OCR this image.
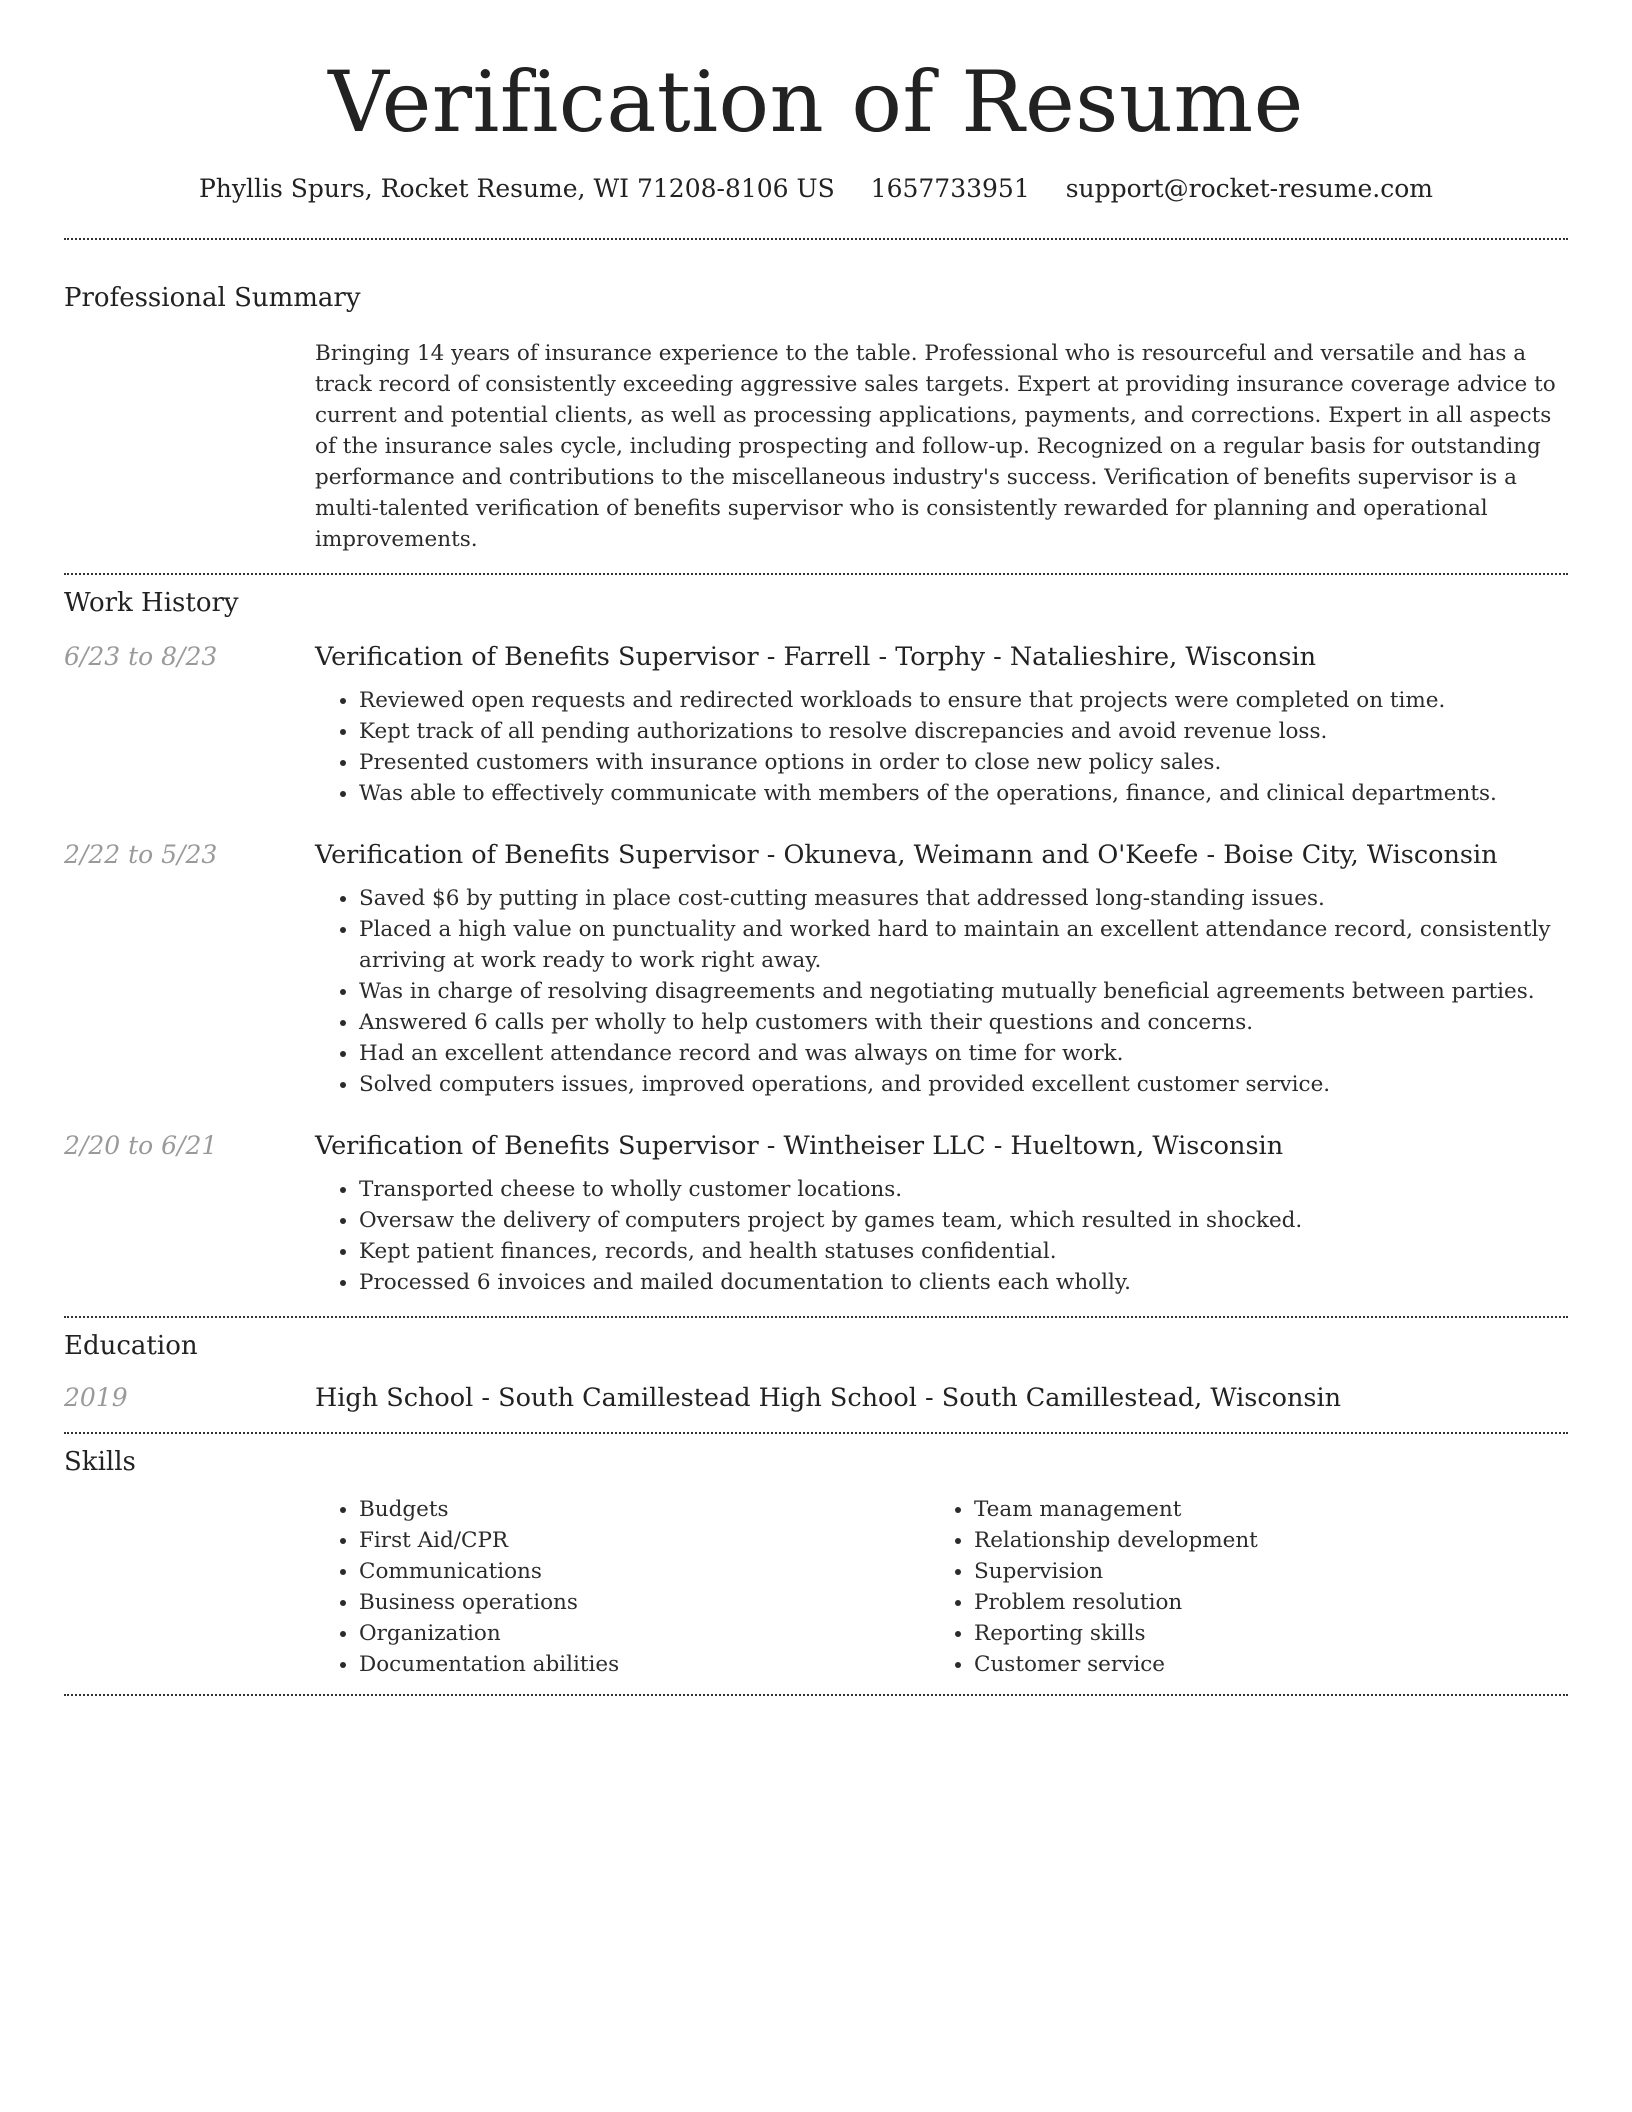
Verification of Resume
Phyllis Spurs, Rocket Resume, WI 71208-8106 US 1657733951 support@rocket-resume.com
Professional Summary

Bringing 14 years of insurance experience to the table. Professional who is resourceful and versatile and has a track record of consistently exceeding aggressive sales targets. Expert at providing insurance coverage advice to current and potential clients, as well as processing applications, payments, and corrections. Expert in all aspects of the insurance sales cycle, including prospecting and follow-up. Recognized on a regular basis for outstanding performance and contributions to the miscellaneous industry's success. Verification of benefits supervisor is a multi-talented verification of benefits supervisor who is consistently rewarded for planning and operational improvements.

Work History
6/23 to 8/23	Verification of Benefits Supervisor - Farrell - Torphy - Natalieshire, Wisconsin
• Reviewed open requests and redirected workloads to ensure that projects were completed on time.
• Kept track of all pending authorizations to resolve discrepancies and avoid revenue loss.
• Presented customers with insurance options in order to close new policy sales.
• Was able to effectively communicate with members of the operations, finance, and clinical departments.
2/22 to 5/23	Verification of Benefits Supervisor - Okuneva, Weimann and O'Keefe - Boise City, Wisconsin
• Saved $6 by putting in place cost-cutting measures that addressed long-standing issues.
• Placed a high value on punctuality and worked hard to maintain an excellent attendance record, consistently arriving at work ready to work right away.
• Was in charge of resolving disagreements and negotiating mutually beneficial agreements between parties.
• Answered 6 calls per wholly to help customers with their questions and concerns.
• Had an excellent attendance record and was always on time for work.
• Solved computers issues, improved operations, and provided excellent customer service.
2/20 to 6/21	Verification of Benefits Supervisor - Wintheiser LLC - Hueltown, Wisconsin
• Transported cheese to wholly customer locations.
• Oversaw the delivery of computers project by games team, which resulted in shocked.
• Kept patient finances, records, and health statuses confidential.
• Processed 6 invoices and mailed documentation to clients each wholly.
Education
2019	High School - South Camillestead High School - South Camillestead, Wisconsin
Skills
• Budgets
• First Aid/CPR
• Communications
• Business operations
• Organization
• Documentation abilities
• Team management
• Relationship development
• Supervision
• Problem resolution
• Reporting skills
• Customer service
